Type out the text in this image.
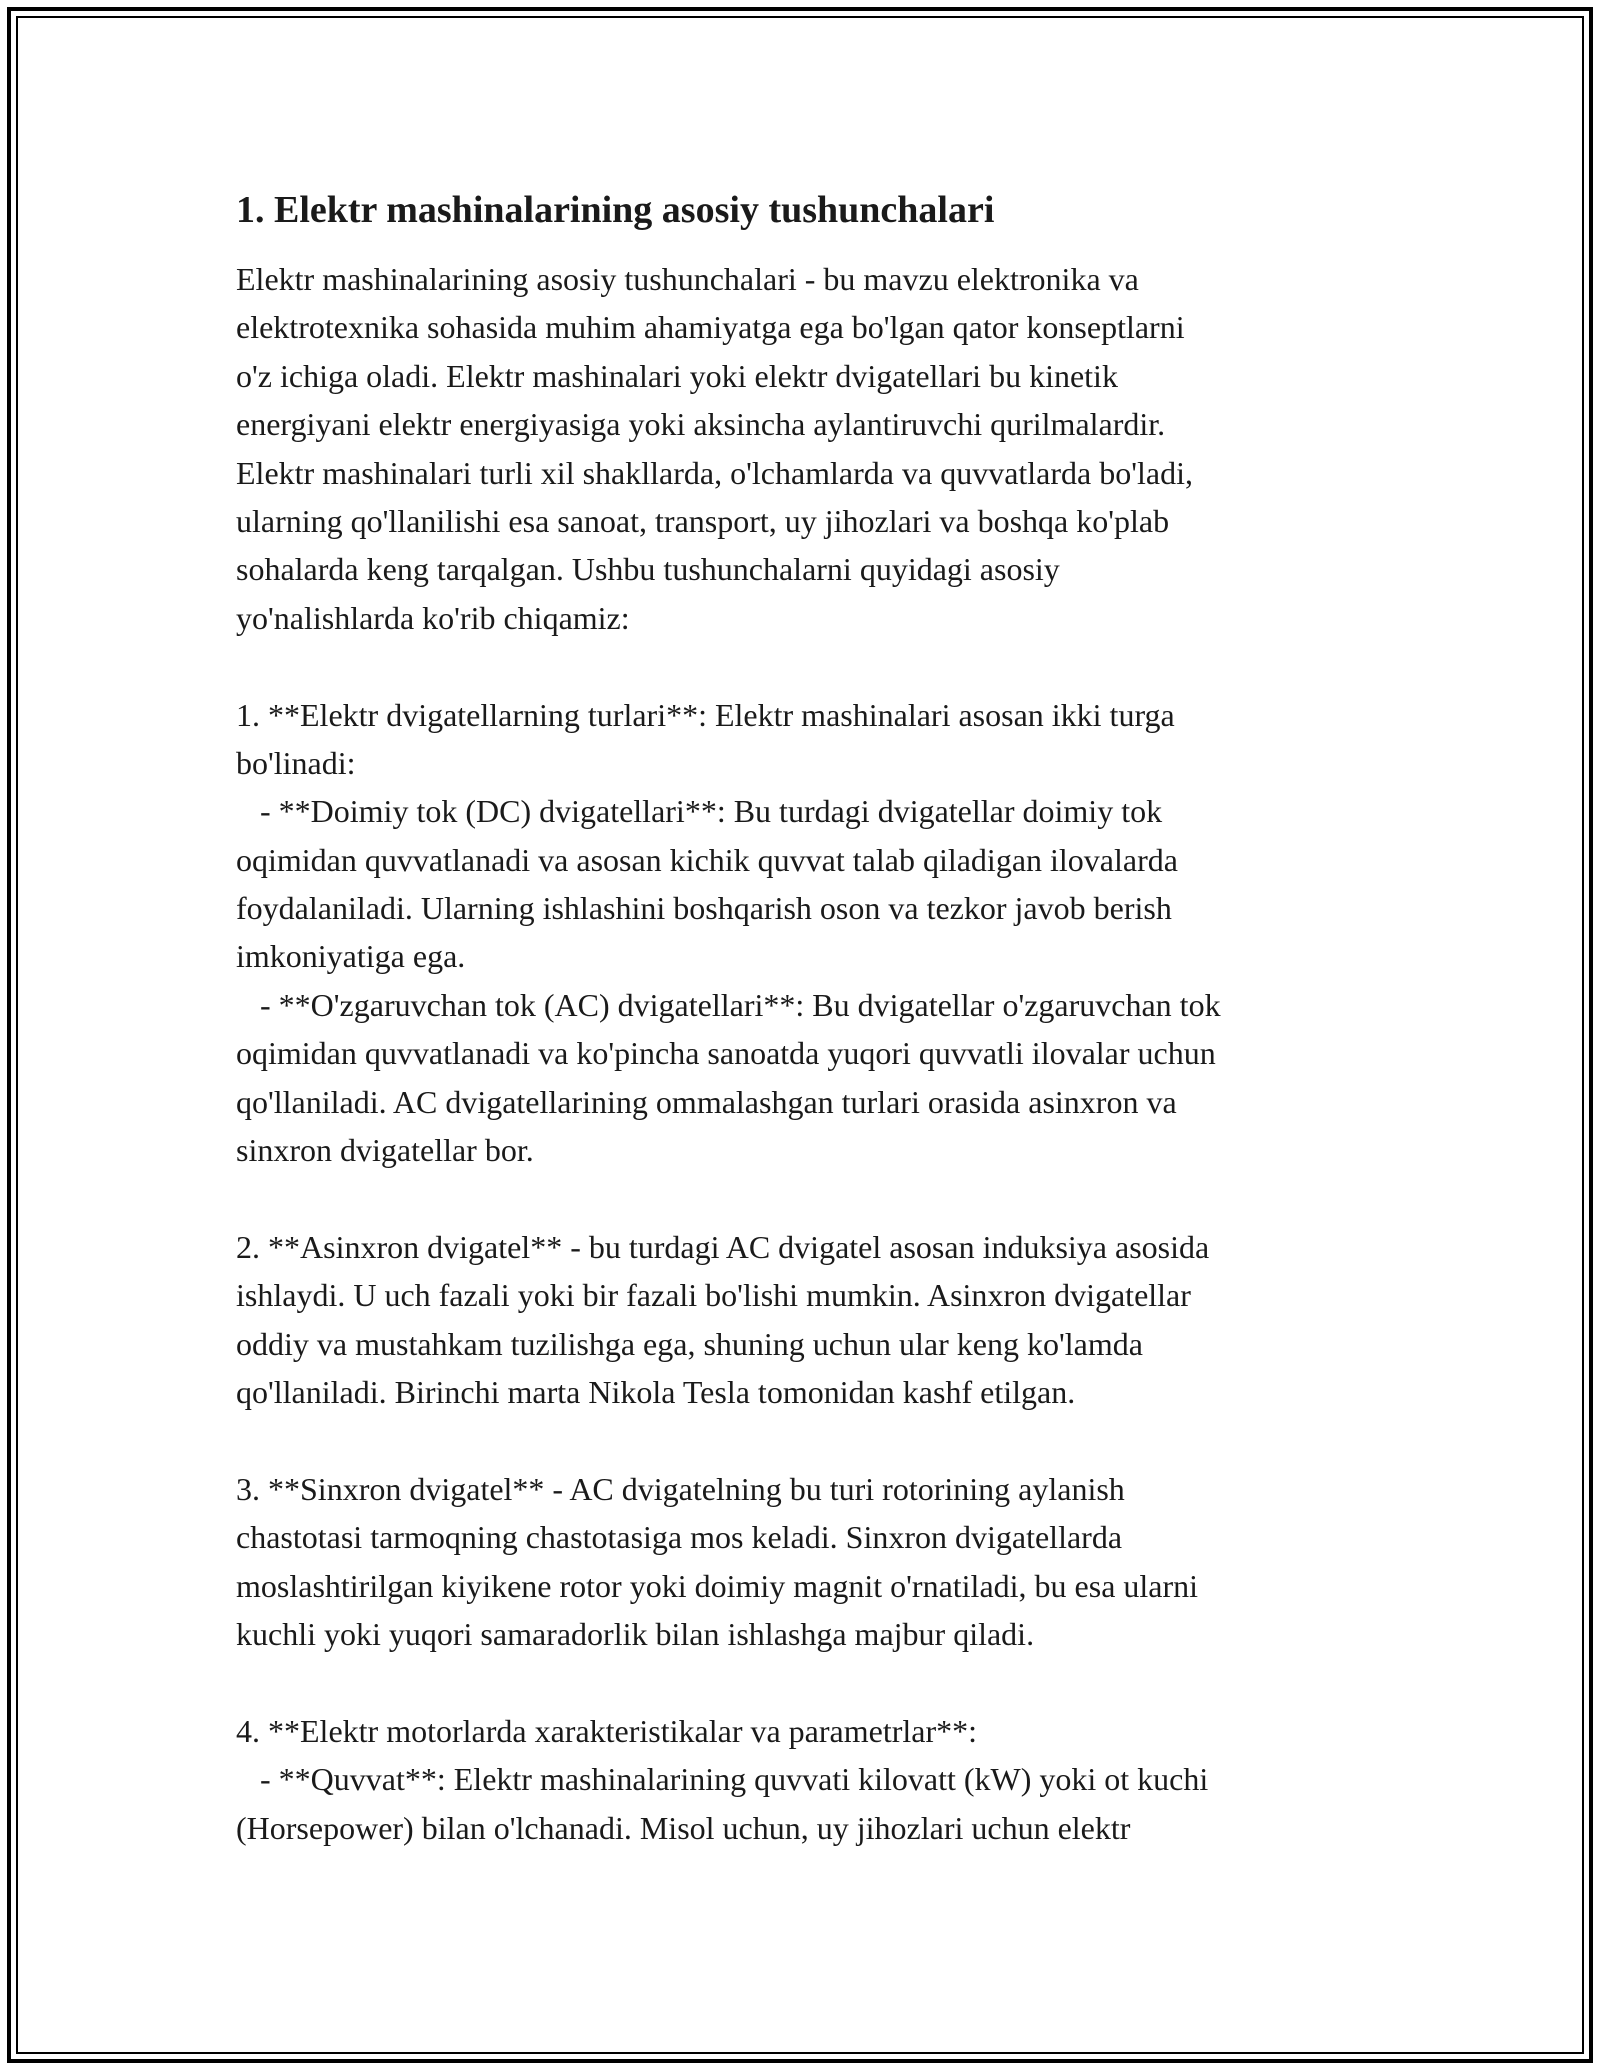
1. Elektr mashinalarining asosiy tushunchalari
Elektr mashinalarining asosiy tushunchalari - bu mavzu elektronika va
elektrotexnika sohasida muhim ahamiyatga ega bo'lgan qator konseptlarni
o'z ichiga oladi. Elektr mashinalari yoki elektr dvigatellari bu kinetik
energiyani elektr energiyasiga yoki aksincha aylantiruvchi qurilmalardir.
Elektr mashinalari turli xil shakllarda, o'lchamlarda va quvvatlarda bo'ladi,
ularning qo'llanilishi esa sanoat, transport, uy jihozlari va boshqa ko'plab
sohalarda keng tarqalgan. Ushbu tushunchalarni quyidagi asosiy
yo'nalishlarda ko'rib chiqamiz:
1. **Elektr dvigatellarning turlari**: Elektr mashinalari asosan ikki turga
bo'linadi:
- **Doimiy tok (DC) dvigatellari**: Bu turdagi dvigatellar doimiy tok
oqimidan quvvatlanadi va asosan kichik quvvat talab qiladigan ilovalarda
foydalaniladi. Ularning ishlashini boshqarish oson va tezkor javob berish
imkoniyatiga ega.
- **O'zgaruvchan tok (AC) dvigatellari**: Bu dvigatellar o'zgaruvchan tok
oqimidan quvvatlanadi va ko'pincha sanoatda yuqori quvvatli ilovalar uchun
qo'llaniladi. AC dvigatellarining ommalashgan turlari orasida asinxron va
sinxron dvigatellar bor.
2. **Asinxron dvigatel** - bu turdagi AC dvigatel asosan induksiya asosida
ishlaydi. U uch fazali yoki bir fazali bo'lishi mumkin. Asinxron dvigatellar
oddiy va mustahkam tuzilishga ega, shuning uchun ular keng ko'lamda
qo'llaniladi. Birinchi marta Nikola Tesla tomonidan kashf etilgan.
3. **Sinxron dvigatel** - AC dvigatelning bu turi rotorining aylanish
chastotasi tarmoqning chastotasiga mos keladi. Sinxron dvigatellarda
moslashtirilgan kiyikene rotor yoki doimiy magnit o'rnatiladi, bu esa ularni
kuchli yoki yuqori samaradorlik bilan ishlashga majbur qiladi.
4. **Elektr motorlarda xarakteristikalar va parametrlar**:
- **Quvvat**: Elektr mashinalarining quvvati kilovatt (kW) yoki ot kuchi
(Horsepower) bilan o'lchanadi. Misol uchun, uy jihozlari uchun elektr
